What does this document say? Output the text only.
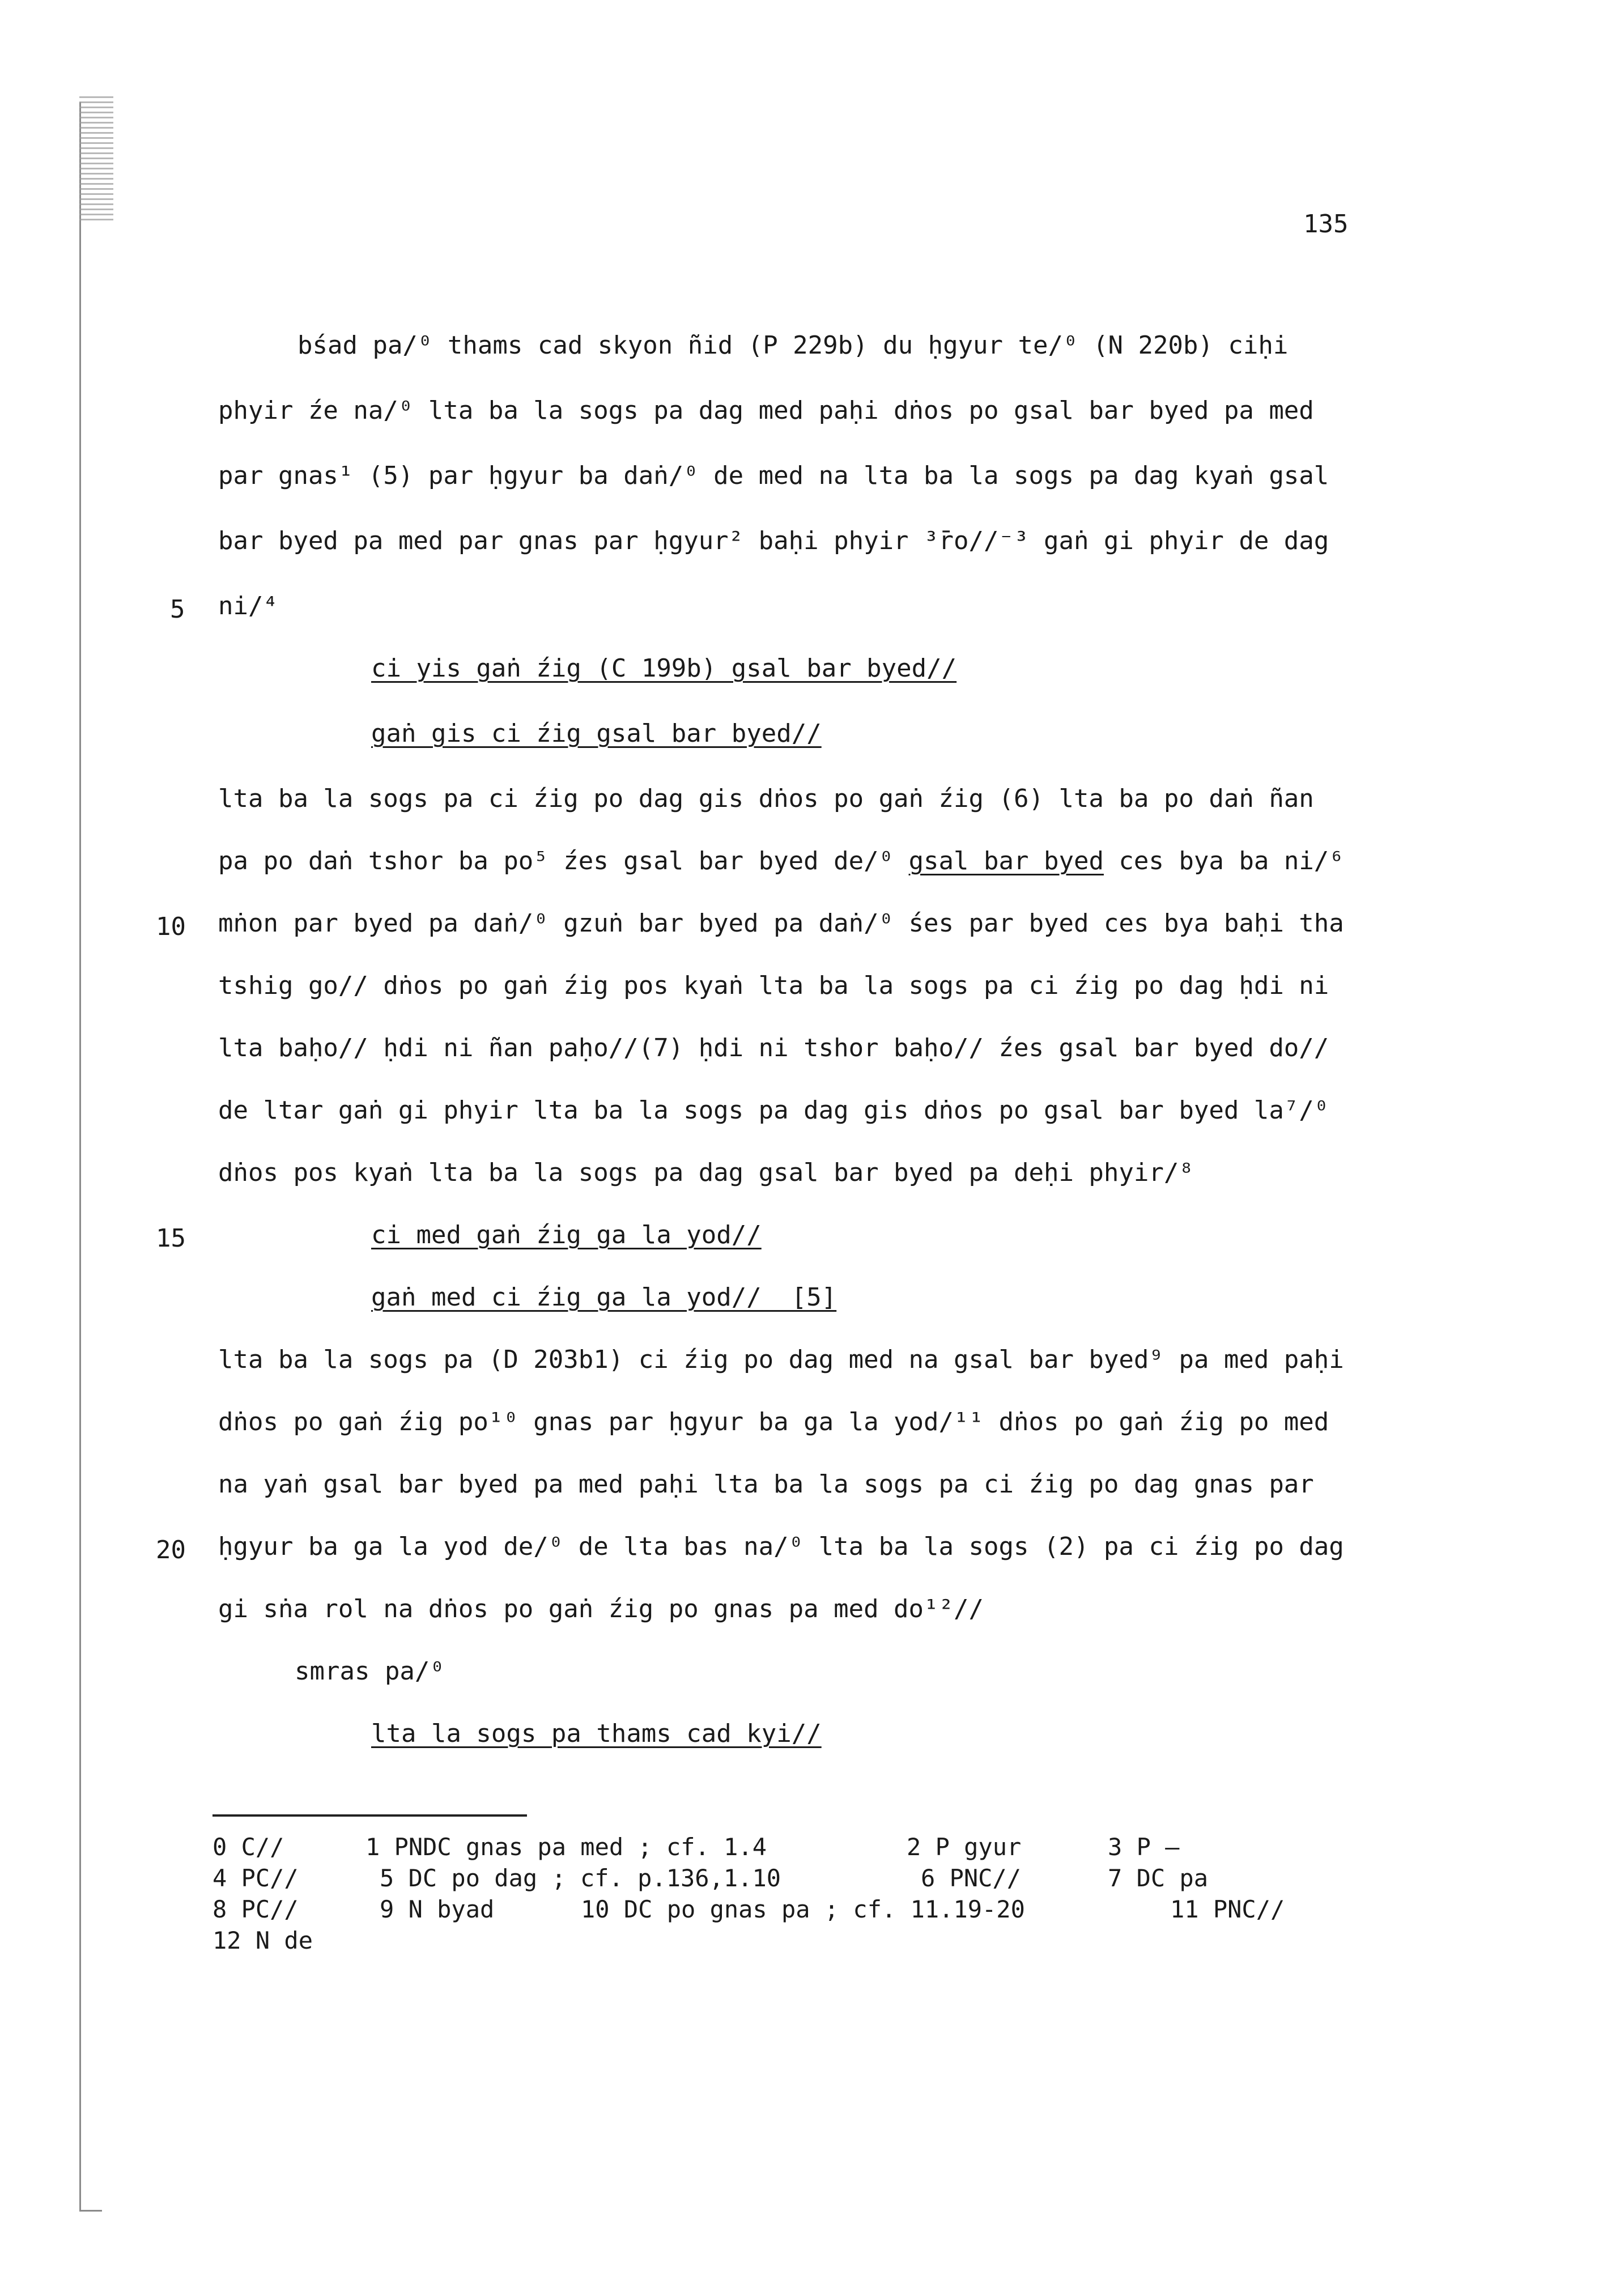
135
bśad pa/⁰ thams cad skyon ñid (P 229b) du ḥgyur te/⁰ (N 220b) ciḥi
phyir źe na/⁰ lta ba la sogs pa dag med paḥi dṅos po gsal bar byed pa med
par gnas¹ (5) par ḥgyur ba daṅ/⁰ de med na lta ba la sogs pa dag kyaṅ gsal
bar byed pa med par gnas par ḥgyur² baḥi phyir ³r̄o//⁻³ gaṅ gi phyir de dag
ni/⁴
ci yis gaṅ źig (C 199b) gsal bar byed//
gaṅ gis ci źig gsal bar byed//
lta ba la sogs pa ci źig po dag gis dṅos po gaṅ źig (6) lta ba po daṅ ñan
pa po daṅ tshor ba po⁵ źes gsal bar byed de/⁰ gsal bar byed ces bya ba ni/⁶
mṅon par byed pa daṅ/⁰ gzuṅ bar byed pa daṅ/⁰ śes par byed ces bya baḥi tha
tshig go// dṅos po gaṅ źig pos kyaṅ lta ba la sogs pa ci źig po dag ḥdi ni
lta baḥo// ḥdi ni ñan paḥo//(7) ḥdi ni tshor baḥo// źes gsal bar byed do//
de ltar gaṅ gi phyir lta ba la sogs pa dag gis dṅos po gsal bar byed la⁷/⁰
dṅos pos kyaṅ lta ba la sogs pa dag gsal bar byed pa deḥi phyir/⁸
ci med gaṅ źig ga la yod//
gaṅ med ci źig ga la yod//  [5]
lta ba la sogs pa (D 203b1) ci źig po dag med na gsal bar byed⁹ pa med paḥi
dṅos po gaṅ źig po¹⁰ gnas par ḥgyur ba ga la yod/¹¹ dṅos po gaṅ źig po med
na yaṅ gsal bar byed pa med paḥi lta ba la sogs pa ci źig po dag gnas par
ḥgyur ba ga la yod de/⁰ de lta bas na/⁰ lta ba la sogs (2) pa ci źig po dag
gi sṅa rol na dṅos po gaṅ źig po gnas pa med do¹²//
smras pa/⁰
lta la sogs pa thams cad kyi//
5
10
15
20
0 C//	1 PNDC gnas pa med ; cf. 1.4	2 P gyur	3 P —
4 PC//	5 DC po dag ; cf. p.136,1.10	6 PNC//	7 DC pa
8 PC//	9 N byad	10 DC po gnas pa ; cf. 11.19-20	11 PNC//
12 N de
